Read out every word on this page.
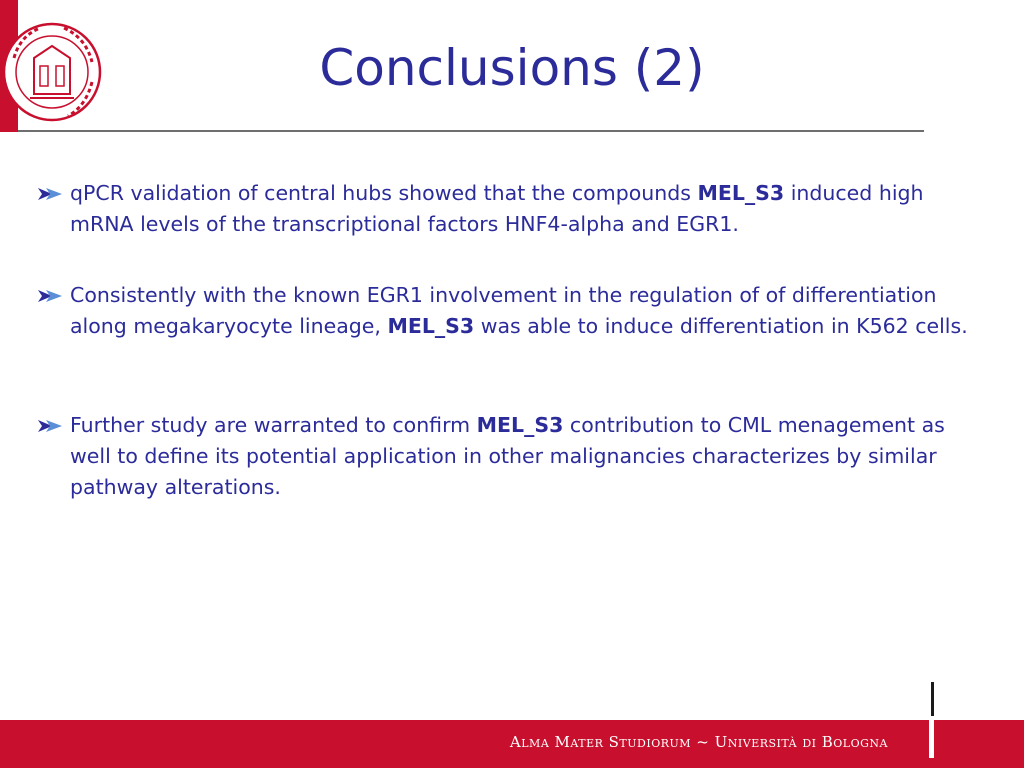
Conclusions (2)
qPCR validation of central hubs showed that the compounds MEL_S3 induced high mRNA levels of the transcriptional factors HNF4-alpha and EGR1.
Consistently with the known EGR1 involvement in the regulation of of differentiation along megakaryocyte lineage, MEL_S3 was able to induce differentiation in K562 cells.
Further study are warranted to confirm MEL_S3 contribution to CML menagement as well to define its potential application in other malignancies characterizes by similar pathway alterations.
Alma Mater Studiorum ~ Università di Bologna
